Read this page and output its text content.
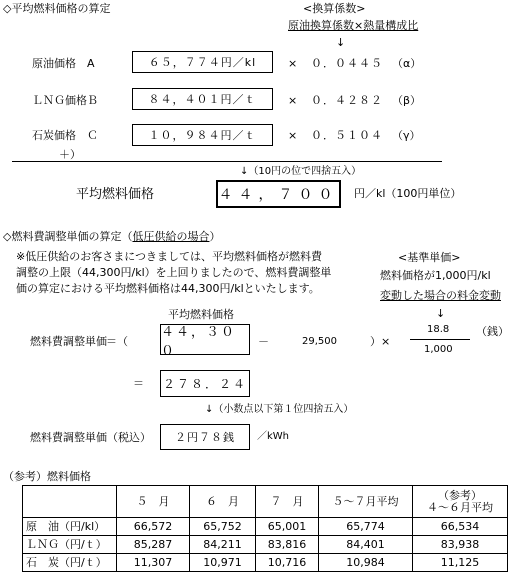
◇平均燃料価格の算定	<換算係数>
原油換算係数×熱量構成比
↓
原油価格　A	６５，７７４円／kl	× ０．０４４５ （α）
ＬＮＧ価格Ｂ	８４，４０１円／ｔ	× ０．４２８２ （β）
石炭価格　Ｃ	１０，９８４円／ｔ	× ０．５１０４ （γ）
＋）
↓（10円の位で四捨五入）
平均燃料価格	４４，７００ 円／kl（100円単位）
◇燃料費調整単価の算定（低圧供給の場合）
※低圧供給のお客さまにつきましては、平均燃料価格が燃料費
調整の上限（44,300円/kl）を上回りましたので、燃料費調整単
価の算定における平均燃料価格は44,300円/klといたします。
<基準単価>
燃料価格が1,000円/kl
変動した場合の料金変動
↓
平均燃料価格
燃料費調整単価 ＝（
４４，３００
－	29,500	）×
18.8
1,000
（銭）
＝ ２７８．２４
↓（小数点以下第１位四捨五入）
燃料費調整単価（税込）	２円７８銭	／kWh
（参考）燃料価格
	５　月	６　月	７　月	５～７月平均	（参考）
４～６月平均
原　油（円/kl）	66,572	65,752	65,001	65,774	66,534
ＬＮＧ（円/ｔ）	85,287	84,211	83,816	84,401	83,938
石　炭（円/ｔ）	11,307	10,971	10,716	10,984	11,125
